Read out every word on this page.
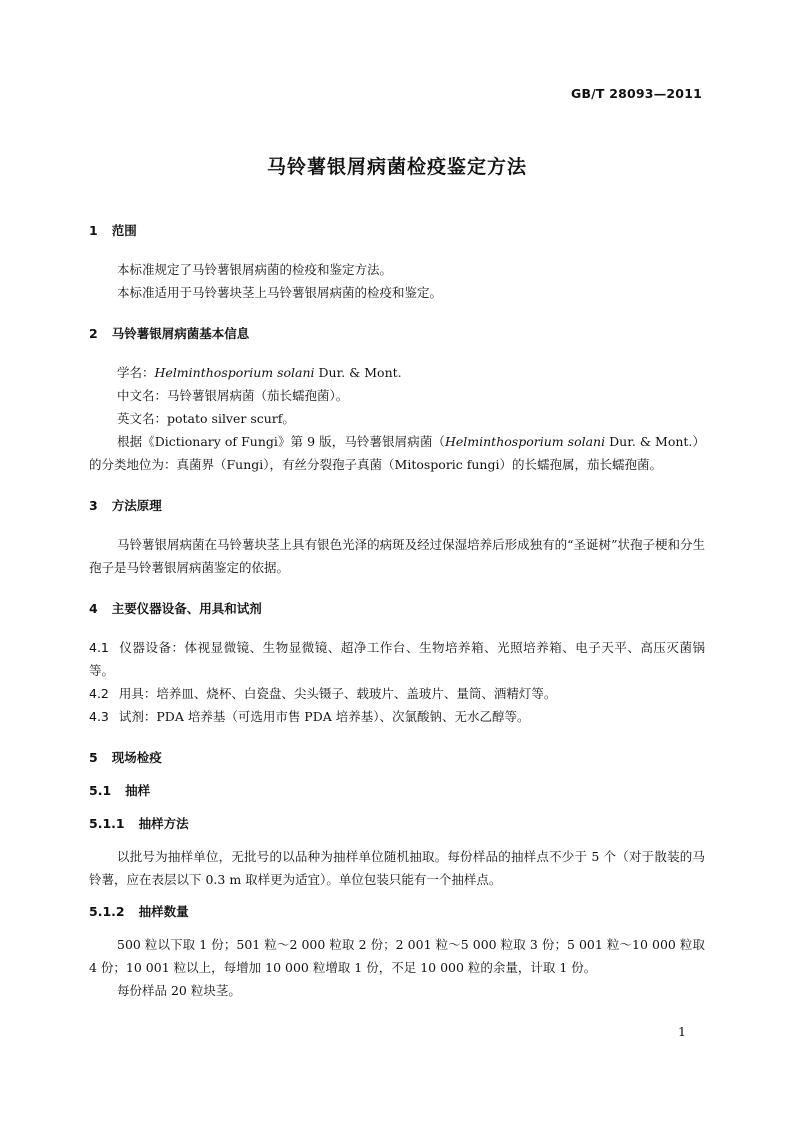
GB/T 28093—2011
马铃薯银屑病菌检疫鉴定方法
1 范围

本标准规定了马铃薯银屑病菌的检疫和鉴定方法。

本标准适用于马铃薯块茎上马铃薯银屑病菌的检疫和鉴定。

2 马铃薯银屑病菌基本信息

学名：Helminthosporium solani Dur. & Mont.

中文名：马铃薯银屑病菌（茄长蠕孢菌）。

英文名：potato silver scurf。

根据《Dictionary of Fungi》第 9 版，马铃薯银屑病菌（Helminthosporium solani Dur. & Mont.）的分类地位为：真菌界（Fungi），有丝分裂孢子真菌（Mitosporic fungi）的长蠕孢属，茄长蠕孢菌。

3 方法原理

马铃薯银屑病菌在马铃薯块茎上具有银色光泽的病斑及经过保湿培养后形成独有的“圣诞树”状孢子梗和分生孢子是马铃薯银屑病菌鉴定的依据。

4 主要仪器设备、用具和试剂

4.1 仪器设备：体视显微镜、生物显微镜、超净工作台、生物培养箱、光照培养箱、电子天平、高压灭菌锅等。

4.2 用具：培养皿、烧杯、白瓷盘、尖头镊子、载玻片、盖玻片、量筒、酒精灯等。

4.3 试剂：PDA 培养基（可选用市售 PDA 培养基）、次氯酸钠、无水乙醇等。

5 现场检疫
5.1 抽样
5.1.1 抽样方法

以批号为抽样单位，无批号的以品种为抽样单位随机抽取。每份样品的抽样点不少于 5 个（对于散装的马铃薯，应在表层以下 0.3 m 取样更为适宜）。单位包装只能有一个抽样点。

5.1.2 抽样数量

500 粒以下取 1 份；501 粒～2 000 粒取 2 份；2 001 粒～5 000 粒取 3 份；5 001 粒～10 000 粒取 4 份；10 001 粒以上，每增加 10 000 粒增取 1 份，不足 10 000 粒的余量，计取 1 份。

每份样品 20 粒块茎。

1
